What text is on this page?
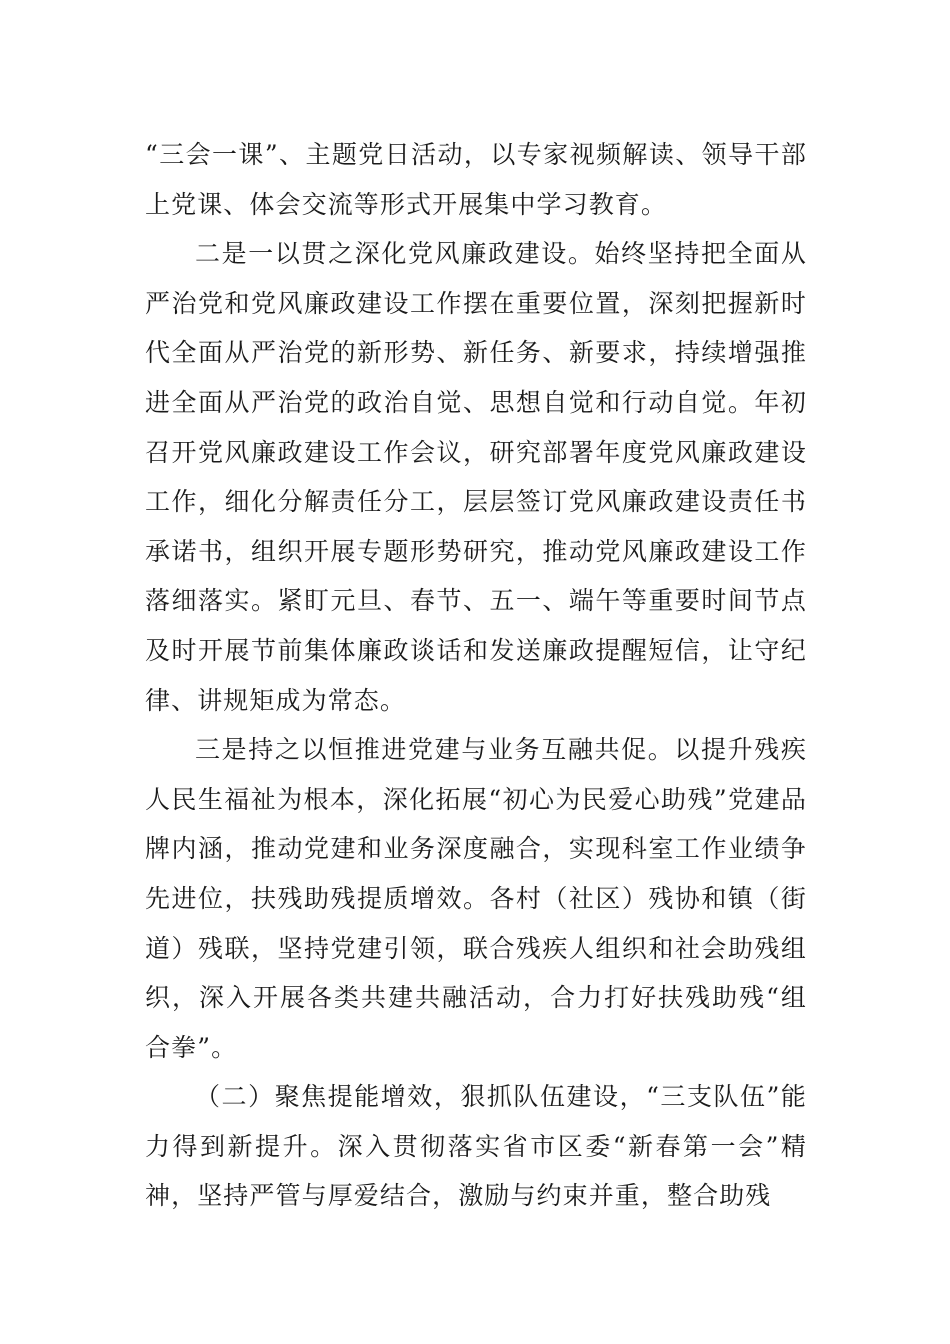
“三会一课”、主题党日活动，以专家视频解读、领导干部上党课、体会交流等形式开展集中学习教育。

二是一以贯之深化党风廉政建设。始终坚持把全面从严治党和党风廉政建设工作摆在重要位置，深刻把握新时代全面从严治党的新形势、新任务、新要求，持续增强推进全面从严治党的政治自觉、思想自觉和行动自觉。年初召开党风廉政建设工作会议，研究部署年度党风廉政建设工作，细化分解责任分工，层层签订党风廉政建设责任书承诺书，组织开展专题形势研究，推动党风廉政建设工作落细落实。紧盯元旦、春节、五一、端午等重要时间节点及时开展节前集体廉政谈话和发送廉政提醒短信，让守纪律、讲规矩成为常态。

三是持之以恒推进党建与业务互融共促。以提升残疾人民生福祉为根本，深化拓展“初心为民爱心助残”党建品牌内涵，推动党建和业务深度融合，实现科室工作业绩争先进位，扶残助残提质增效。各村（社区）残协和镇（街道）残联，坚持党建引领，联合残疾人组织和社会助残组织，深入开展各类共建共融活动，合力打好扶残助残“组合拳”。

（二）聚焦提能增效，狠抓队伍建设，“三支队伍”能力得到新提升。深入贯彻落实省市区委“新春第一会”精神，坚持严管与厚爱结合，激励与约束并重，整合助残
